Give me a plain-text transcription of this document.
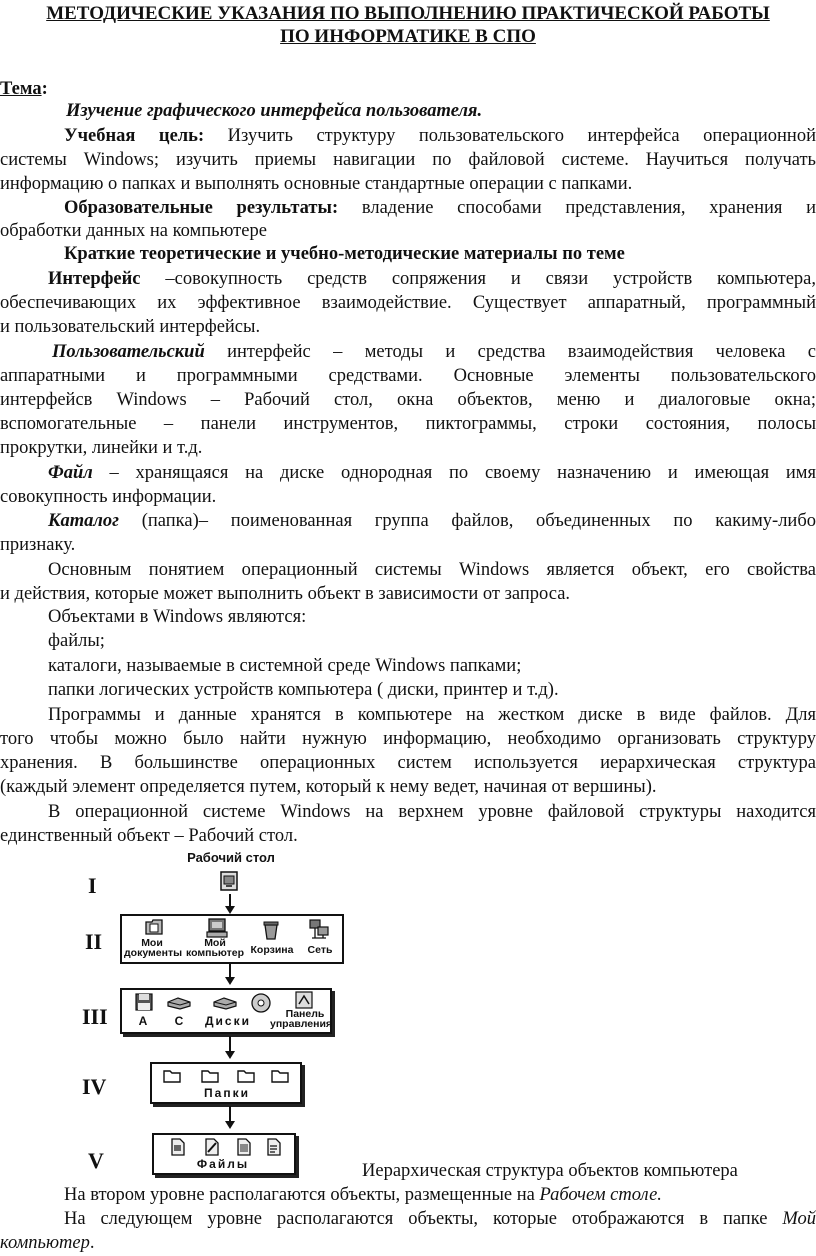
МЕТОДИЧЕСКИЕ УКАЗАНИЯ ПО ВЫПОЛНЕНИЮ ПРАКТИЧЕСКОЙ РАБОТЫ
ПО ИНФОРМАТИКЕ В СПО
Тема:
Изучение графического интерфейса пользователя.
Учебная цель: Изучить структуру пользовательского интерфейса операционной
системы Windows; изучить приемы навигации по файловой системе. Научиться получать
информацию о папках и выполнять основные стандартные операции с папками.
Образовательные результаты: владение способами представления, хранения и
обработки данных на компьютере
Краткие теоретические и учебно-методические материалы по теме
Интерфейс –совокупность средств сопряжения и связи устройств компьютера,
обеспечивающих их эффективное взаимодействие. Существует аппаратный, программный
и пользовательский интерфейсы.
Пользовательский интерфейс – методы и средства взаимодействия человека с
аппаратными и программными средствами. Основные элементы пользовательского
интерфейсв Windows – Рабочий стол, окна объектов, меню и диалоговые окна;
вспомогательные – панели инструментов, пиктограммы, строки состояния, полосы
прокрутки, линейки и т.д.
Файл – хранящаяся на диске однородная по своему назначению и имеющая имя
совокупность информации.
Каталог (папка)– поименованная группа файлов, объединенных по какиму-либо
признаку.
Основным понятием операционный системы Windows является объект, его свойства
и действия, которые может выполнить объект в зависимости от запроса.
Объектами в Windows являются:
файлы;
каталоги, называемые в системной среде Windows папками;
папки логических устройств компьютера ( диски, принтер и т.д).
Программы и данные хранятся в компьютере на жестком диске в виде файлов. Для
того чтобы можно было найти нужную информацию, необходимо организовать структуру
хранения. В большинстве операционных систем используется иерархическая структура
(каждый элемент определяется путем, который к нему ведет, начиная от вершины).
В операционной системе Windows на верхнем уровне файловой структуры находится
единственный объект – Рабочий стол.
I
II
III
IV
V
Рабочий стол
Мои
документы
Мой
компьютер Корзина	Сеть
А С	Диски	Панель
управления
Папки
Файлы	Иерархическая структура объектов компьютера
На втором уровне располагаются объекты, размещенные на Рабочем столе.
На следующем уровне располагаются объекты, которые отображаются в папке Мой
компьютер.
